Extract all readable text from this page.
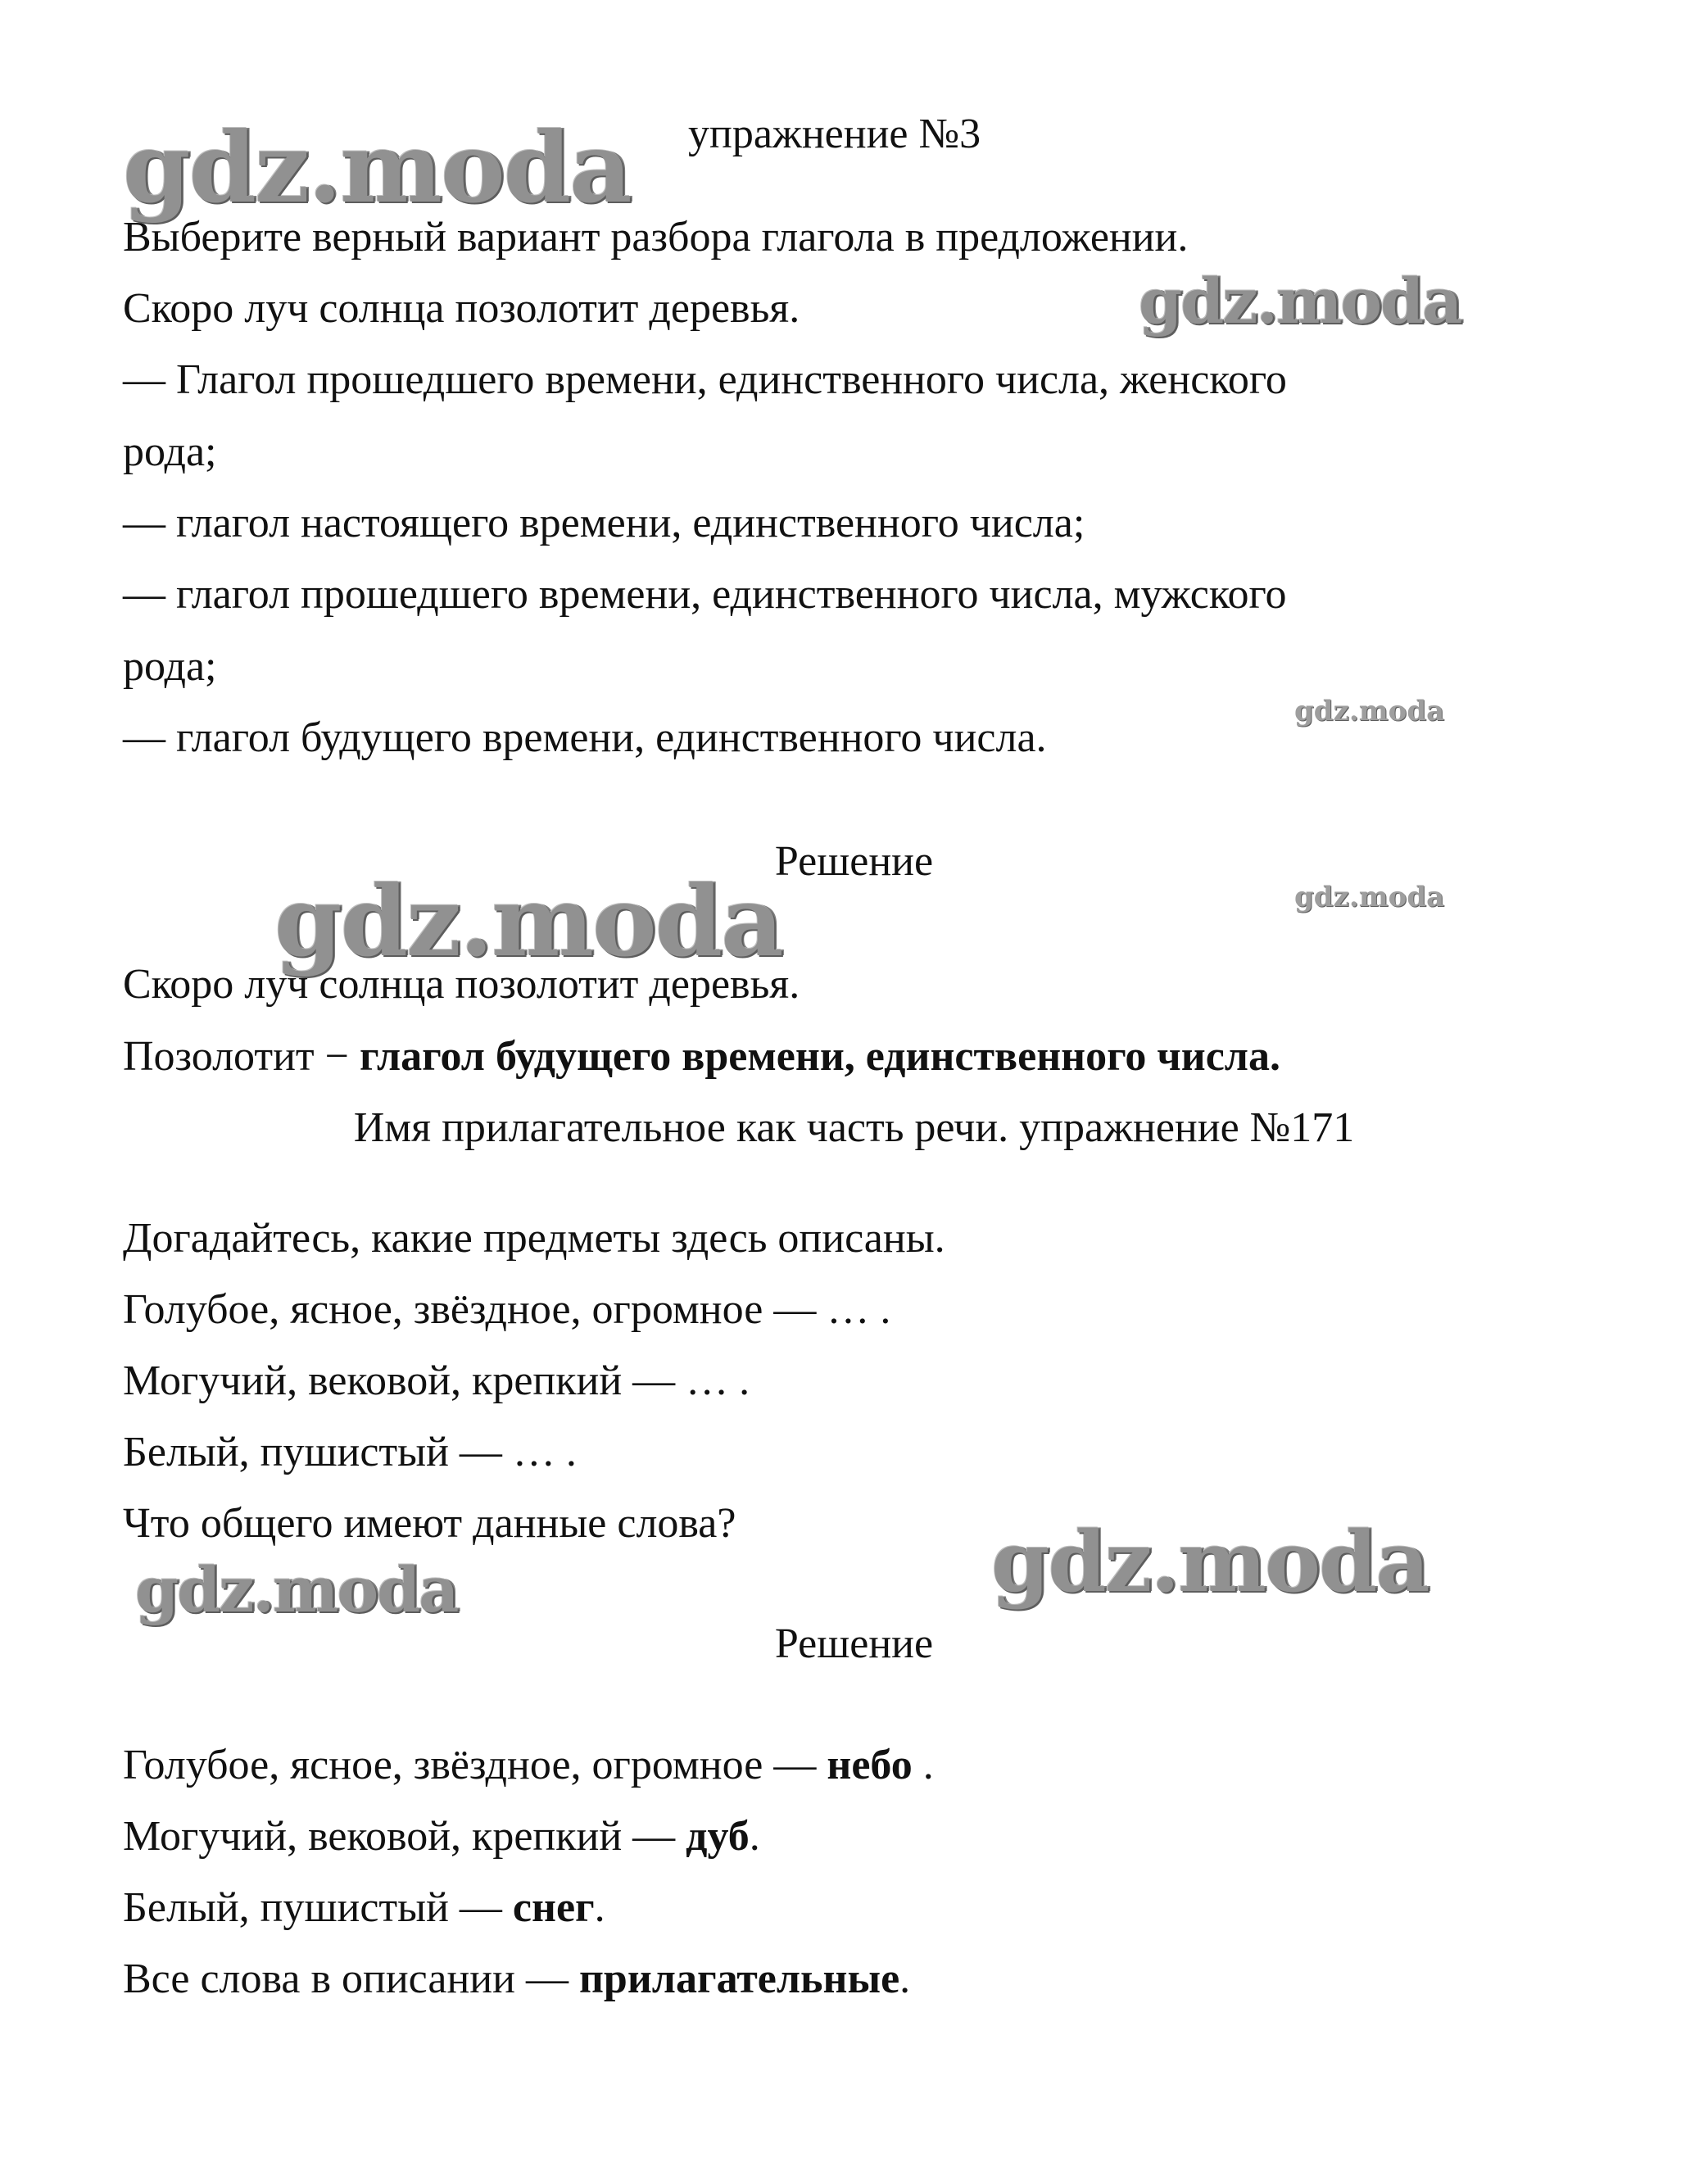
gdz.moda
gdz.moda
gdz.moda
gdz.moda	gdz.moda
gdz.moda
gdz.moda
упражнение №3
Выберите верный вариант разбора глагола в предложении.
Скоро луч солнца позолотит деревья.
— Глагол прошедшего времени, единственного числа, женского
рода;
— глагол настоящего времени, единственного числа;
— глагол прошедшего времени, единственного числа, мужского
рода;
— глагол будущего времени, единственного числа.
Решение
Скоро луч солнца позолотит деревья.
Позолотит − глагол будущего времени, единственного числа.
Имя прилагательное как часть речи. упражнение №171
Догадайтесь, какие предметы здесь описаны.
Голубое, ясное, звёздное, огромное — … .
Могучий, вековой, крепкий — … .
Белый, пушистый — … .
Что общего имеют данные слова?
Решение
Голубое, ясное, звёздное, огромное — небо .
Могучий, вековой, крепкий — дуб.
Белый, пушистый — снег.
Все слова в описании — прилагательные.
